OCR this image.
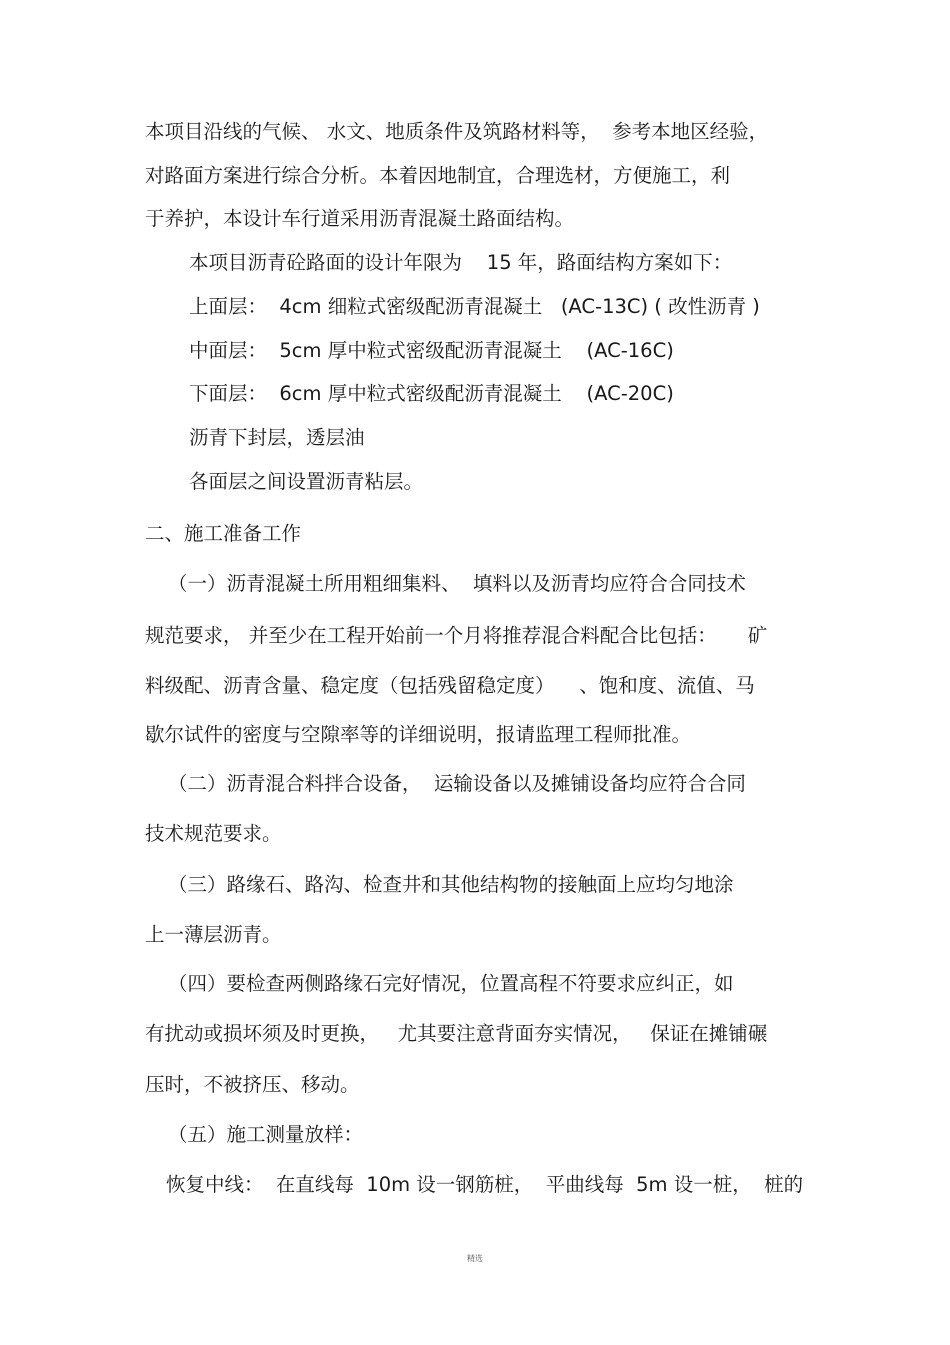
本项目沿线的气候、 水文、地质条件及筑路材料等，  参考本地区经验，
对路面方案进行综合分析。本着因地制宜，合理选材，方便施工，利
于养护，本设计车行道采用沥青混凝土路面结构。
本项目沥青砼路面的设计年限为    15 年，路面结构方案如下：
上面层：  4cm 细粒式密级配沥青混凝土   (AC-13C) ( 改性沥青 )
中面层：  5cm 厚中粒式密级配沥青混凝土    (AC-16C)
下面层：  6cm 厚中粒式密级配沥青混凝土    (AC-20C)
沥青下封层，透层油
各面层之间设置沥青粘层。
二、施工准备工作
（一）沥青混凝土所用粗细集料、  填料以及沥青均应符合合同技术
规范要求， 并至少在工程开始前一个月将推荐混合料配合比包括：     矿
料级配、沥青含量、稳定度（包括残留稳定度）    、饱和度、流值、马
歇尔试件的密度与空隙率等的详细说明，报请监理工程师批准。
（二）沥青混合料拌合设备，  运输设备以及摊铺设备均应符合合同
技术规范要求。
（三）路缘石、路沟、检查井和其他结构物的接触面上应均匀地涂
上一薄层沥青。
（四）要检查两侧路缘石完好情况，位置高程不符要求应纠正，如
有扰动或损坏须及时更换，   尤其要注意背面夯实情况，   保证在摊铺碾
压时，不被挤压、移动。
（五）施工测量放样：
恢复中线：  在直线每  10m 设一钢筋桩，  平曲线每  5m 设一桩，  桩的
精选
